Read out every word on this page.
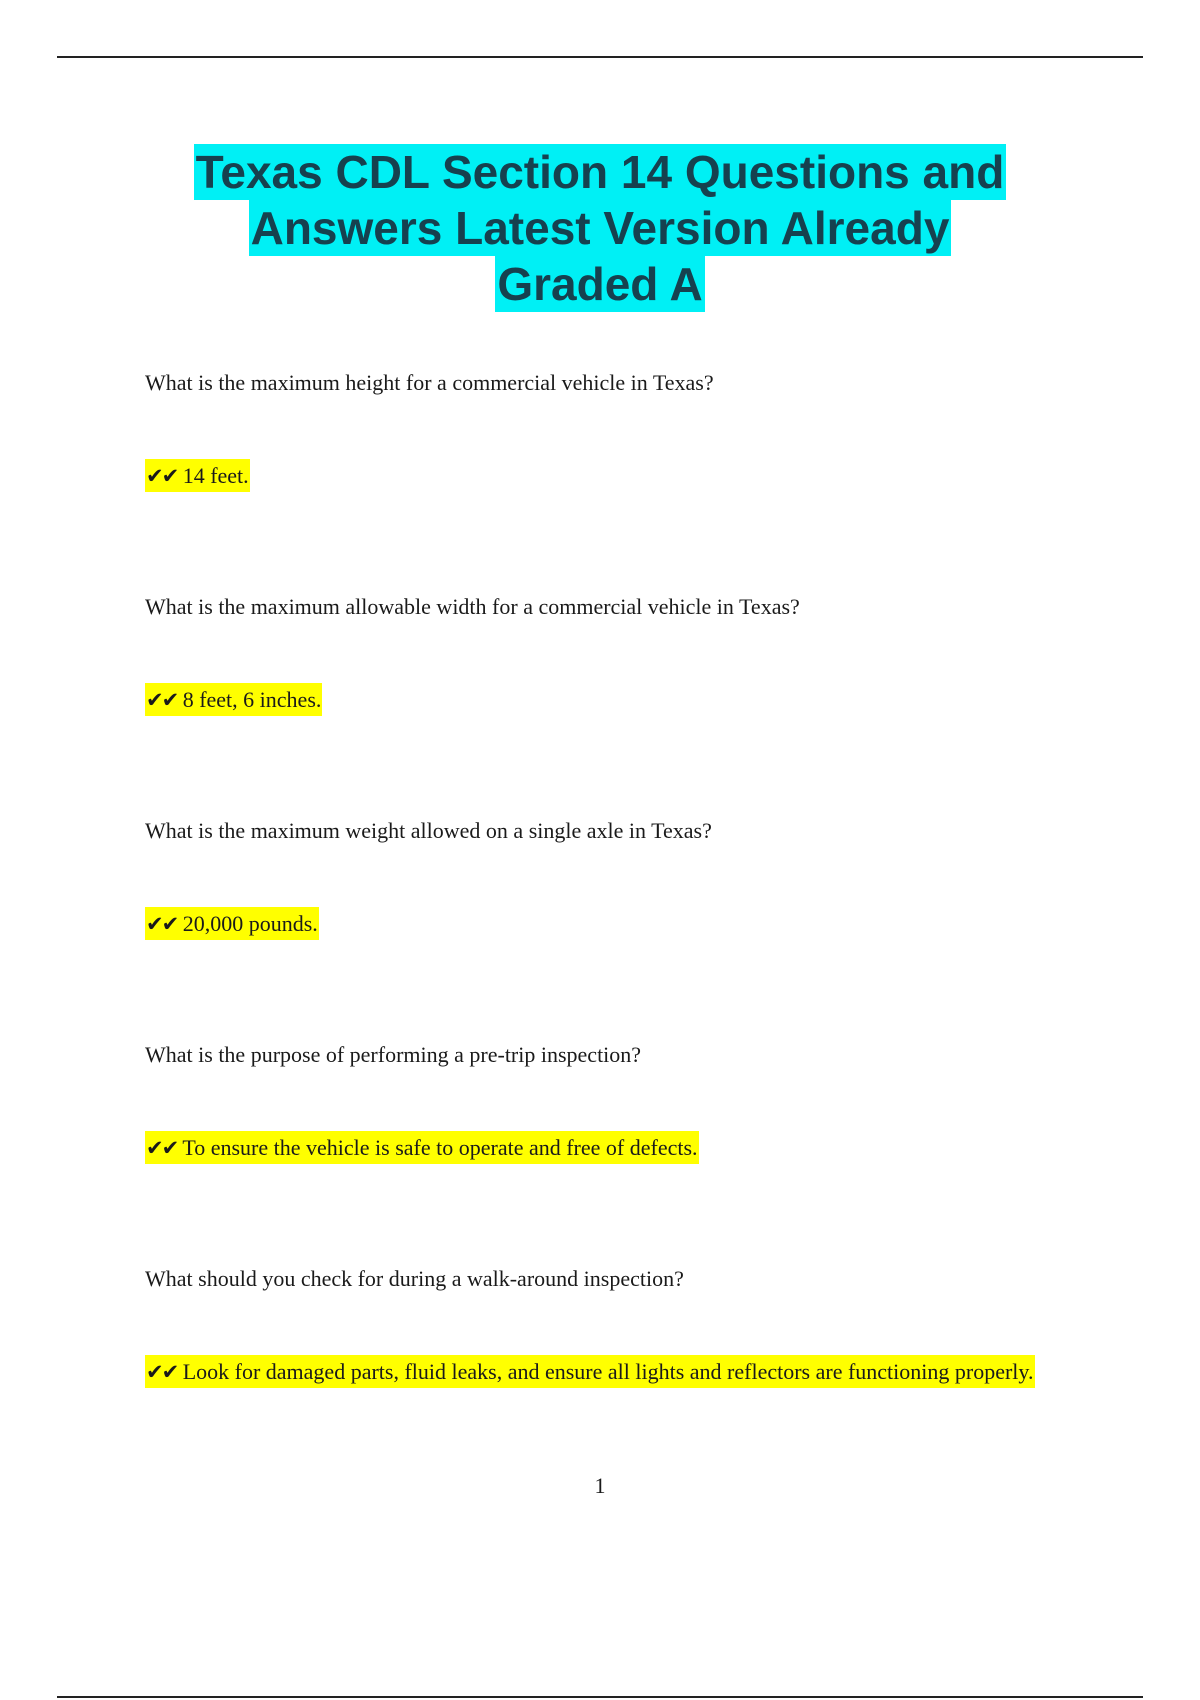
Texas CDL Section 14 Questions and
Answers Latest Version Already
Graded A
What is the maximum height for a commercial vehicle in Texas?
✔✔ 14 feet.
What is the maximum allowable width for a commercial vehicle in Texas?
✔✔ 8 feet, 6 inches.
What is the maximum weight allowed on a single axle in Texas?
✔✔ 20,000 pounds.
What is the purpose of performing a pre-trip inspection?
✔✔ To ensure the vehicle is safe to operate and free of defects.
What should you check for during a walk-around inspection?
✔✔ Look for damaged parts, fluid leaks, and ensure all lights and reflectors are functioning properly.
1
